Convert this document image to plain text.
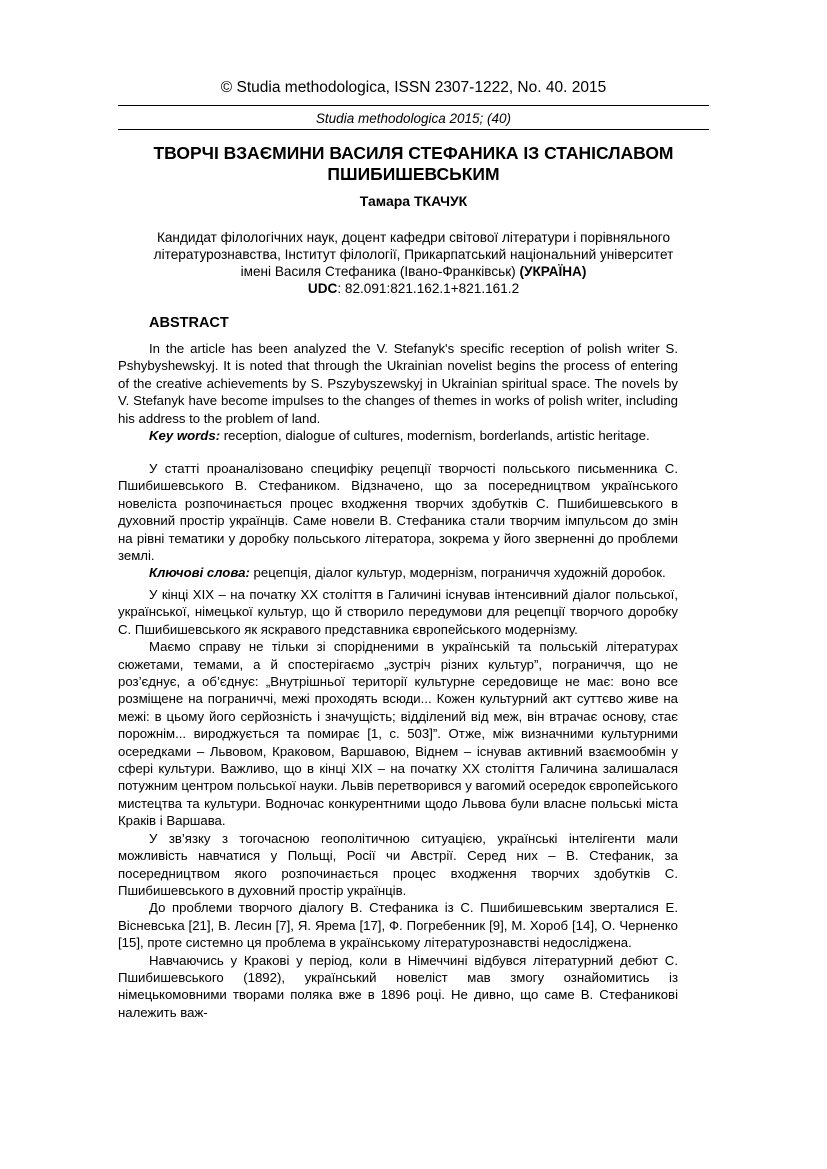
© Studia methodologica, ISSN 2307-1222, No. 40. 2015
Studia methodologica 2015; (40)
ТВОРЧІ ВЗАЄМИНИ ВАСИЛЯ СТЕФАНИКА ІЗ СТАНІСЛАВОМ
ПШИБИШЕВСЬКИМ
Тамара ТКАЧУК
Кандидат філологічних наук, доцент кафедри світової літератури і порівняльного
літературознавства, Інститут філології, Прикарпатський національний університет
імені Василя Стефаника (Івано-Франківськ) (УКРАЇНА)
UDC: 82.091:821.162.1+821.161.2
ABSTRACT

In the article has been analyzed the V. Stefanyk's specific reception of polish writer S. Pshybyshewskyj. It is noted that through the Ukrainian novelist begins the process of entering of the creative achievements by S. Pszybyszewskyj in Ukrainian spiritual space. The novels by V. Stefanyk have become impulses to the changes of themes in works of polish writer, including his address to the problem of land.

Key words: reception, dialogue of cultures, modernism, borderlands, artistic heritage.

У статті проаналізовано специфіку рецепції творчості польського письменника С. Пшибишевського В. Стефаником. Відзначено, що за посередництвом українського новеліста розпочинається процес входження творчих здобутків С. Пшибишевського в духовний простір українців. Саме новели В. Стефаника стали творчим імпульсом до змін на рівні тематики у доробку польського літератора, зокрема у його зверненні до проблеми землі.

Ключові слова: рецепція, діалог культур, модернізм, пограниччя художній доробок.

У кінці ХІХ – на початку ХХ століття в Галичині існував інтенсивний діалог польської, української, німецької культур, що й створило передумови для рецепції творчого доробку С. Пшибишевського як яскравого представника європейського модернізму.

Маємо справу не тільки зі спорідненими в українській та польській літературах сюжетами, темами, а й спостерігаємо „зустріч різних культур”, пограниччя, що не роз’єднує, а об’єднує: „Внутрішньої території культурне середовище не має: воно все розміщене на пограниччі, межі проходять всюди... Кожен культурний акт суттєво живе на межі: в цьому його серйозність і значущість; відділений від меж, він втрачає основу, стає порожнім... вироджується та помирає [1, с. 503]”. Отже, між визначними культурними осередками – Львовом, Краковом, Варшавою, Віднем – існував активний взаємообмін у сфері культури. Важливо, що в кінці ХІХ – на початку ХХ століття Галичина залишалася потужним центром польської науки. Львів перетворився у вагомий осередок європейського мистецтва та культури. Водночас конкурентними щодо Львова були власне польські міста Краків і Варшава.

У зв’язку з тогочасною геополітичною ситуацією, українські інтелігенти мали можливість навчатися у Польщі, Росії чи Австрії. Серед них – В. Стефаник, за посередництвом якого розпочинається процес входження творчих здобутків С. Пшибишевського в духовний простір українців.

До проблеми творчого діалогу В. Стефаника із С. Пшибишевським зверталися Е. Вісневська [21], В. Лесин [7], Я. Ярема [17], Ф. Погребенник [9], М. Хороб [14], О. Черненко [15], проте системно ця проблема в українському літературознавстві недосліджена.

Навчаючись у Кракові у період, коли в Німеччині відбувся літературний дебют С. Пшибишевського (1892), український новеліст мав змогу ознайомитись із німецькомовними творами поляка вже в 1896 році. Не дивно, що саме В. Стефаникові належить важ-
